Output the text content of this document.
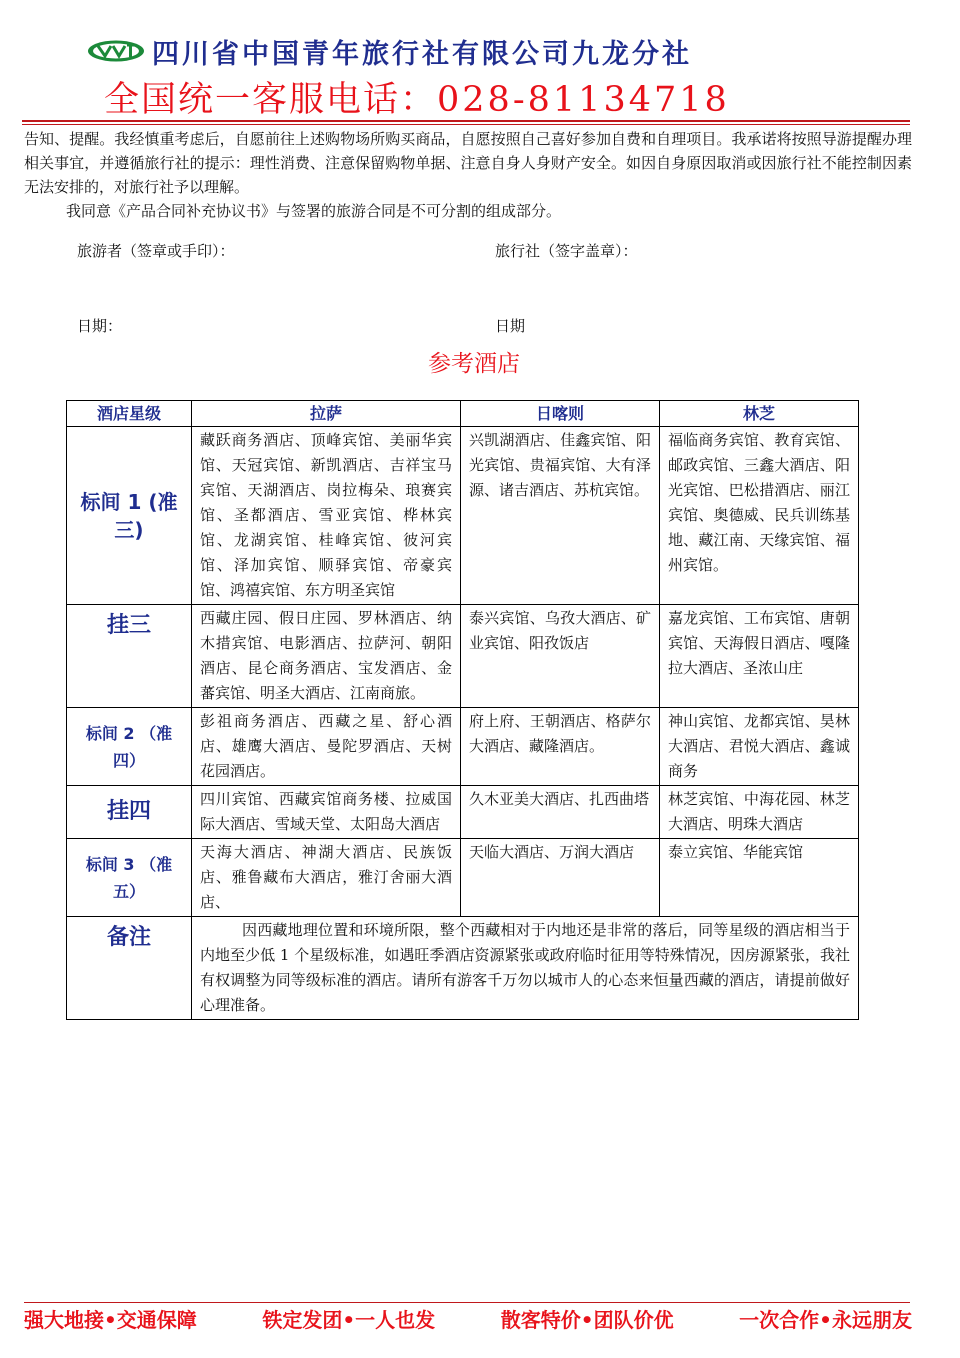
四川省中国青年旅行社有限公司九龙分社
全国统一客服电话：028-81134718

告知、提醒。我经慎重考虑后，自愿前往上述购物场所购买商品，自愿按照自己喜好参加自费和自理项目。我承诺将按照导游提醒办理相关事宜，并遵循旅行社的提示：理性消费、注意保留购物单据、注意自身人身财产安全。如因自身原因取消或因旅行社不能控制因素无法安排的，对旅行社予以理解。

我同意《产品合同补充协议书》与签署的旅游合同是不可分割的组成部分。

旅游者（签章或手印）：	旅行社（签字盖章）：
日期：	日期
参考酒店
酒店星级	拉萨	日喀则	林芝
标间 1 (准三)	藏跃商务酒店、顶峰宾馆、美丽华宾馆、天冠宾馆、新凯酒店、吉祥宝马宾馆、天湖酒店、岗拉梅朵、琅赛宾馆、圣都酒店、雪亚宾馆、桦林宾馆、龙湖宾馆、桂峰宾馆、彼河宾馆、泽加宾馆、顺驿宾馆、帝豪宾馆、鸿禧宾馆、东方明圣宾馆	兴凯湖酒店、佳鑫宾馆、阳光宾馆、贵福宾馆、大有泽源、诸吉酒店、苏杭宾馆。	福临商务宾馆、教育宾馆、邮政宾馆、三鑫大酒店、阳光宾馆、巴松措酒店、丽江宾馆、奥德威、民兵训练基地、藏江南、天缘宾馆、福州宾馆。
挂三	西藏庄园、假日庄园、罗林酒店、纳木措宾馆、电影酒店、拉萨河、朝阳酒店、昆仑商务酒店、宝发酒店、金蕃宾馆、明圣大酒店、江南商旅。	泰兴宾馆、乌孜大酒店、矿业宾馆、阳孜饭店	嘉龙宾馆、工布宾馆、唐朝宾馆、天海假日酒店、嘎隆拉大酒店、圣浓山庄
标间 2 （准四）	彭祖商务酒店、西藏之星、舒心酒店、雄鹰大酒店、曼陀罗酒店、天树花园酒店。	府上府、王朝酒店、格萨尔大酒店、藏隆酒店。	神山宾馆、龙都宾馆、昊林大酒店、君悦大酒店、鑫诚商务
挂四	四川宾馆、西藏宾馆商务楼、拉威国际大酒店、雪域天堂、太阳岛大酒店	久木亚美大酒店、扎西曲塔	林芝宾馆、中海花园、林芝大酒店、明珠大酒店
标间 3 （准五）	天海大酒店、神湖大酒店、民族饭店、雅鲁藏布大酒店，雅汀舍丽大酒店、	天临大酒店、万润大酒店	泰立宾馆、华能宾馆
备注	因西藏地理位置和环境所限，整个西藏相对于内地还是非常的落后，同等星级的酒店相当于内地至少低 1 个星级标准，如遇旺季酒店资源紧张或政府临时征用等特殊情况，因房源紧张，我社有权调整为同等级标准的酒店。请所有游客千万勿以城市人的心态来恒量西藏的酒店，请提前做好心理准备。		
强大地接•交通保障	铁定发团•一人也发	散客特价•团队价优	一次合作•永远朋友
